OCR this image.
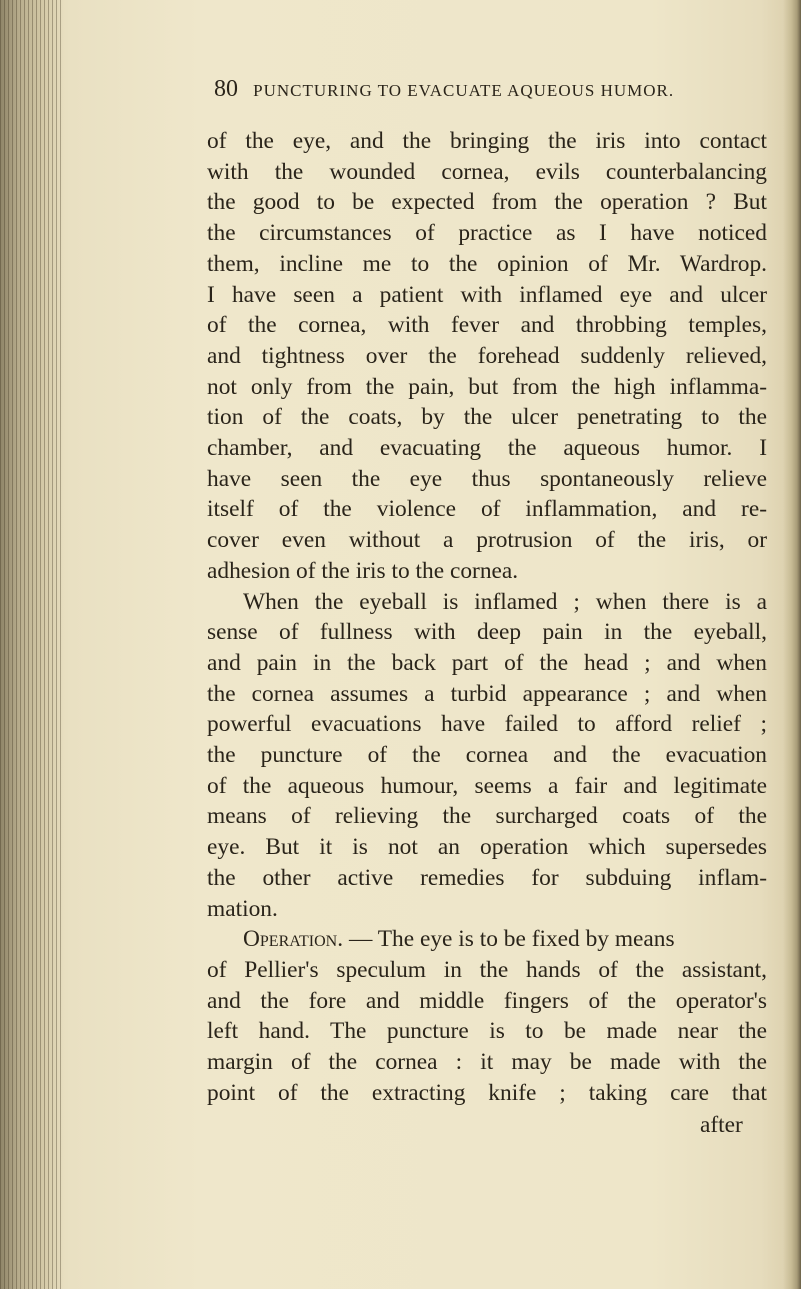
80 PUNCTURING TO EVACUATE AQUEOUS HUMOR.
of the eye, and the bringing the iris into contact
with the wounded cornea, evils counterbalancing
the good to be expected from the operation ? But
the circumstances of practice as I have noticed
them, incline me to the opinion of Mr. Wardrop.
I have seen a patient with inflamed eye and ulcer
of the cornea, with fever and throbbing temples,
and tightness over the forehead suddenly relieved,
not only from the pain, but from the high inflamma-
tion of the coats, by the ulcer penetrating to the
chamber, and evacuating the aqueous humor. I
have seen the eye thus spontaneously relieve
itself of the violence of inflammation, and re-
cover even without a protrusion of the iris, or
adhesion of the iris to the cornea.
When the eyeball is inflamed ; when there is a
sense of fullness with deep pain in the eyeball,
and pain in the back part of the head ; and when
the cornea assumes a turbid appearance ; and when
powerful evacuations have failed to afford relief ;
the puncture of the cornea and the evacuation
of the aqueous humour, seems a fair and legitimate
means of relieving the surcharged coats of the
eye. But it is not an operation which supersedes
the other active remedies for subduing inflam-
mation.
Operation. — The eye is to be fixed by means
of Pellier's speculum in the hands of the assistant,
and the fore and middle fingers of the operator's
left hand. The puncture is to be made near the
margin of the cornea : it may be made with the
point of the extracting knife ; taking care that
after
